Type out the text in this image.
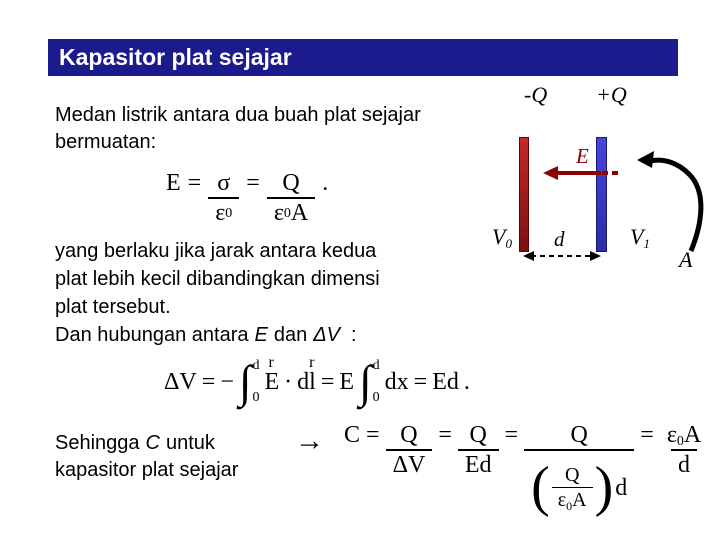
Kapasitor plat sejajar
Medan listrik antara dua buah plat sejajar
bermuatan:
$E = \frac{\sigma}{\varepsilon 0} = \frac{Q}{\varepsilon 0 A}$ .
yang berlaku jika jarak antara kedua
plat lebih kecil dibandingkan dimensi
plat tersebut.
Dan hubungan antara E dan ΔV :
ΔV = − ∫ d
0
r
E · d
r
l = E ∫ d
0
dx = Ed .
Sehingga C untuk
kapasitor plat sejajar
→ $C = \frac{Q}{\Delta V} = \frac{Q}{Ed} = Q$
( $\frac{Q}{\varepsilon_0A}$ ) d
= $\frac{\varepsilon 0 A}{d}$
-Q +Q
E
V0 d	V1
A
